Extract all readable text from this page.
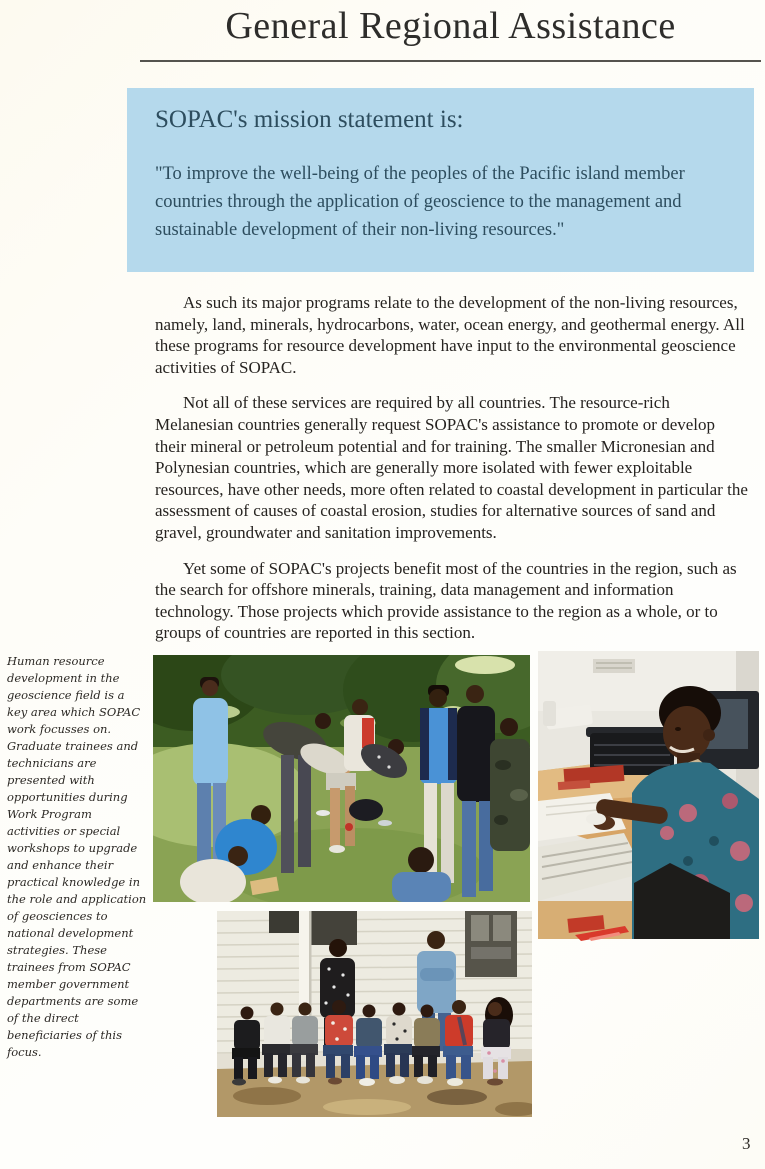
General Regional Assistance
SOPAC's mission statement is:
"To improve the well-being of the peoples of the Pacific island member countries through the application of geoscience to the management and sustainable development of their non-living resources."

As such its major programs relate to the development of the non-living resources, namely, land, minerals, hydrocarbons, water, ocean energy, and geothermal energy. All these programs for resource development have input to the environmental geoscience activities of SOPAC.

Not all of these services are required by all countries. The resource-rich Melanesian countries generally request SOPAC's assistance to promote or develop their mineral or petroleum potential and for training. The smaller Micronesian and Polynesian countries, which are generally more isolated with fewer exploitable resources, have other needs, more often related to coastal development in particular the assessment of causes of coastal erosion, studies for alternative sources of sand and gravel, groundwater and sanitation improvements.

Yet some of SOPAC's projects benefit most of the countries in the region, such as the search for offshore minerals, training, data management and information technology. Those projects which provide assistance to the region as a whole, or to groups of countries are reported in this section.

Human resource development in the geoscience field is a key area which SOPAC work focusses on. Graduate trainees and technicians are presented with opportunities during Work Program activities or special workshops to upgrade and enhance their practical knowledge in the role and application of geosciences to national development strategies. These trainees from SOPAC member government departments are some of the direct beneficiaries of this focus.
3
